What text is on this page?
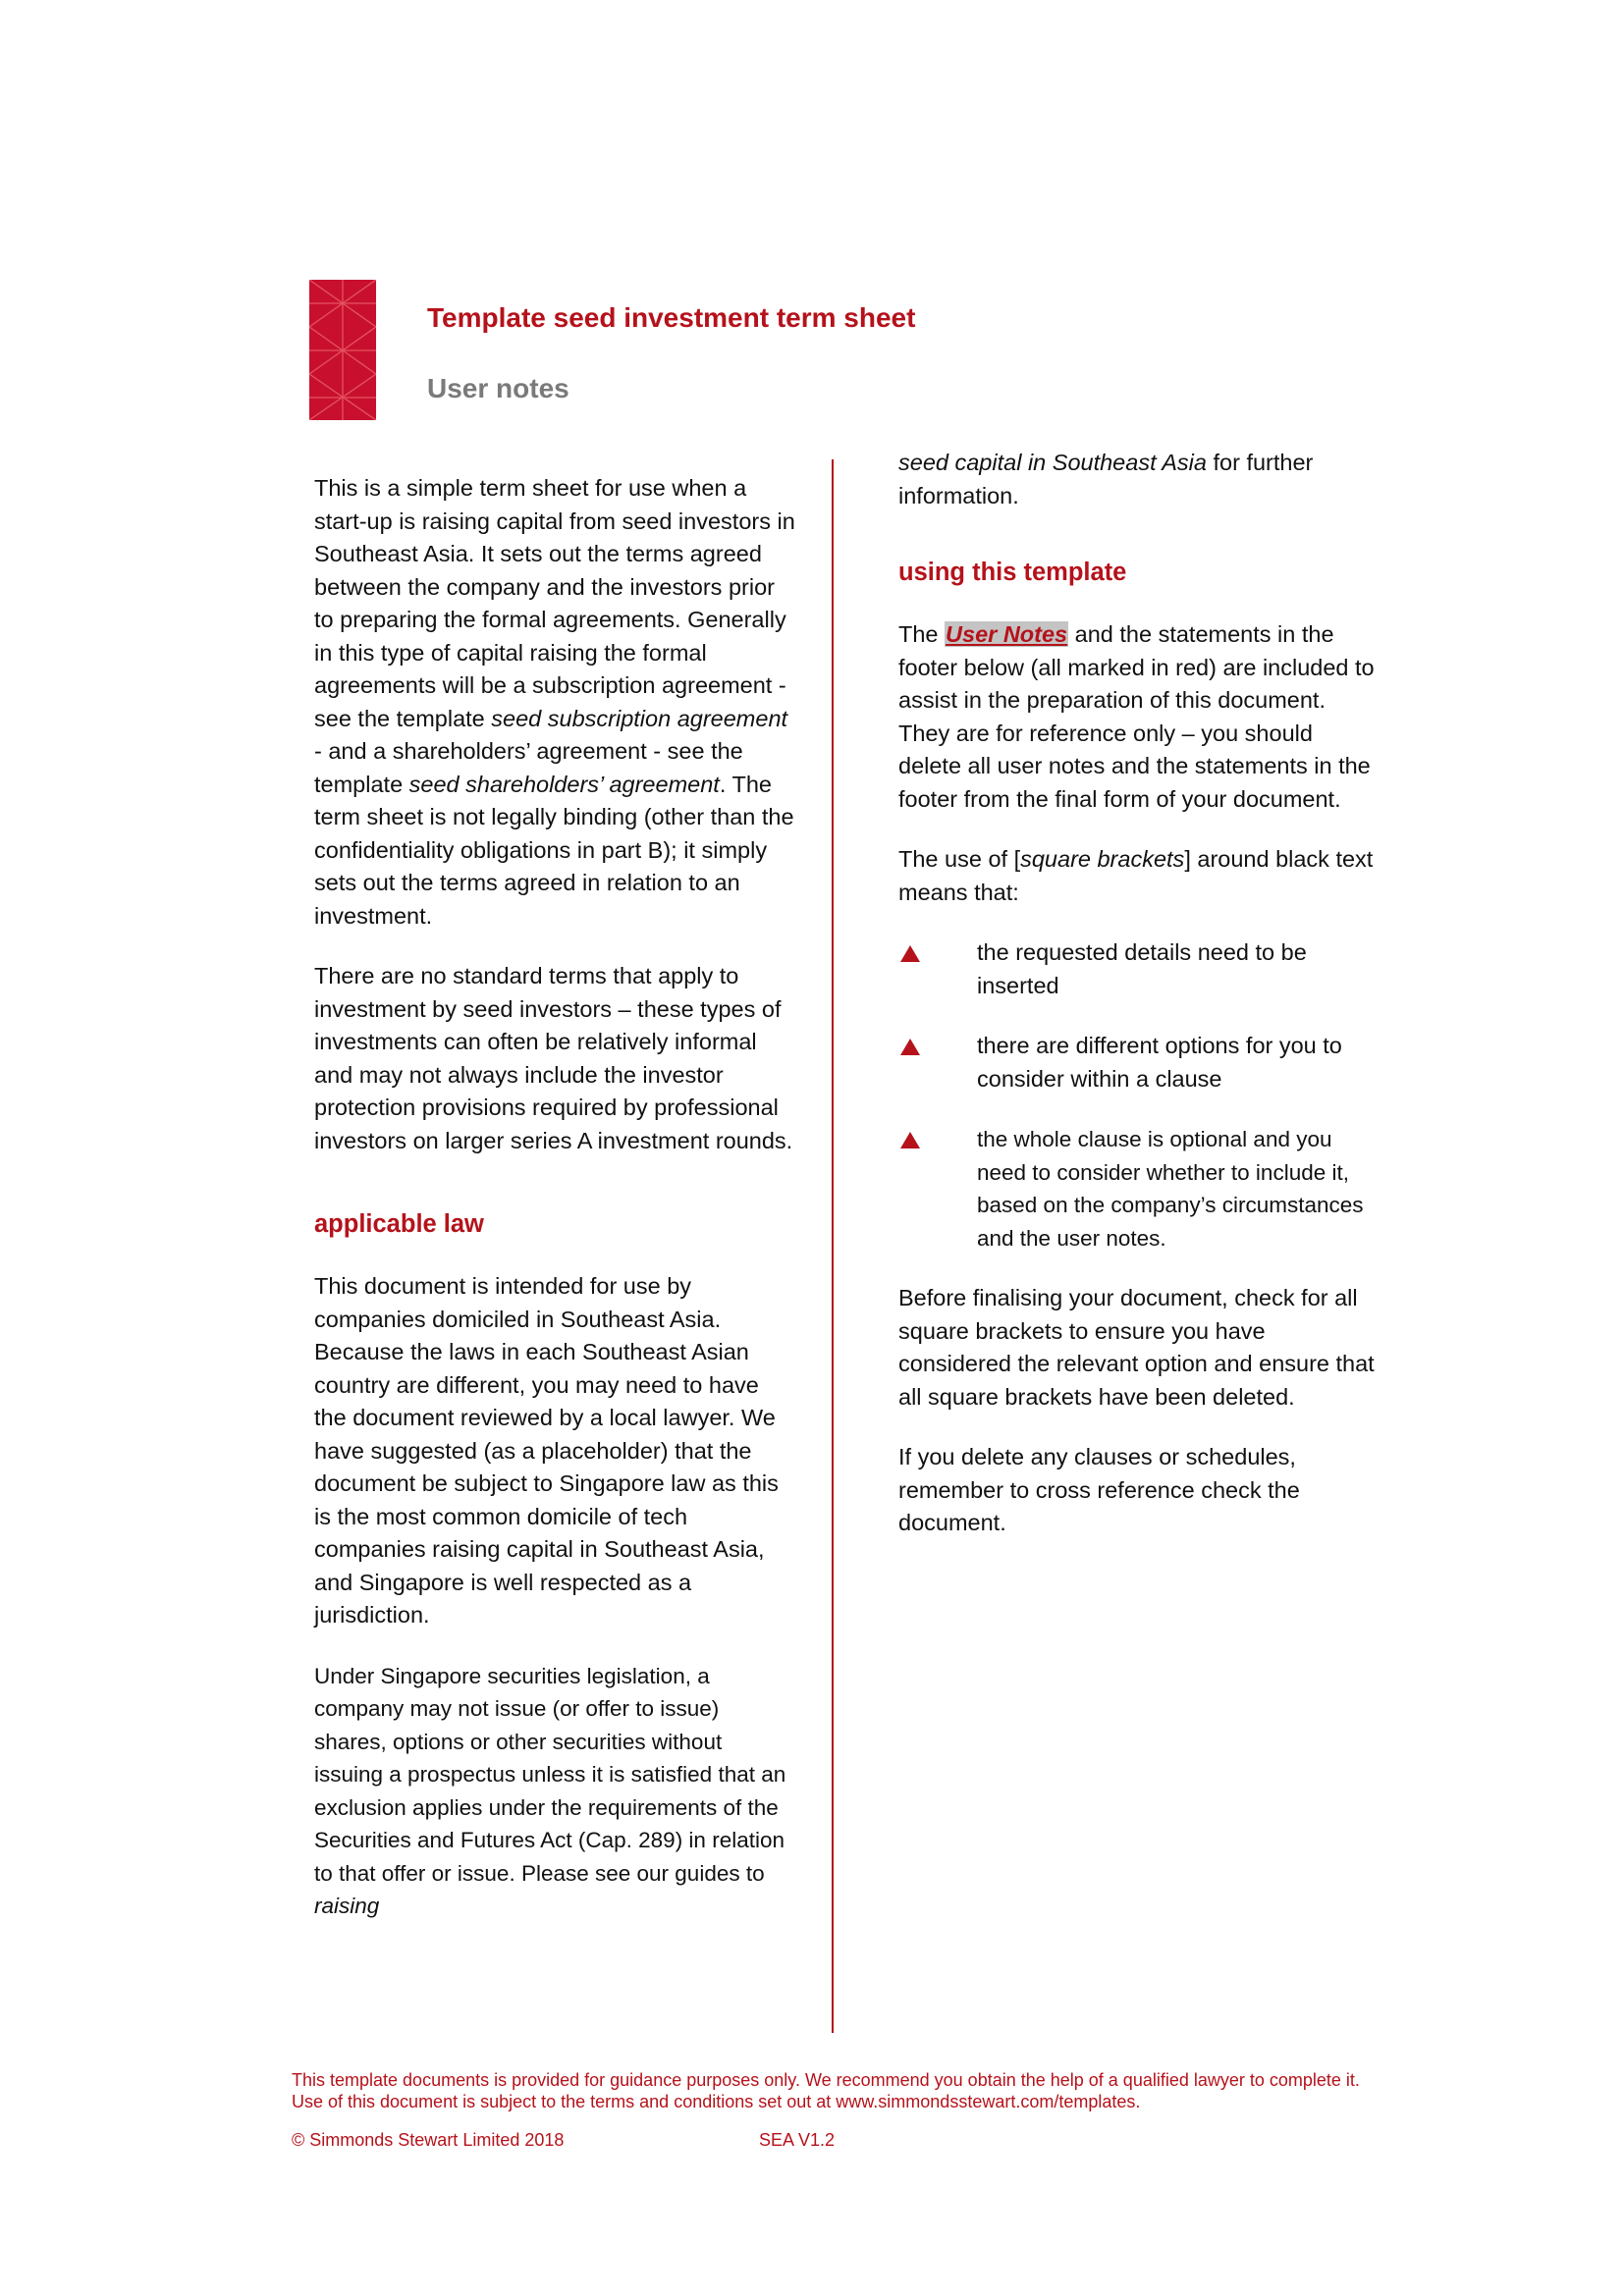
Template seed investment term sheet
User notes

This is a simple term sheet for use when a start-up is raising capital from seed investors in Southeast Asia. It sets out the terms agreed between the company and the investors prior to preparing the formal agreements. Generally in this type of capital raising the formal agreements will be a subscription agreement - see the template seed subscription agreement - and a shareholders’ agreement - see the template seed shareholders’ agreement. The term sheet is not legally binding (other than the confidentiality obligations in part B); it simply sets out the terms agreed in relation to an investment.

There are no standard terms that apply to investment by seed investors – these types of investments can often be relatively informal and may not always include the investor protection provisions required by professional investors on larger series A investment rounds.

applicable law

This document is intended for use by companies domiciled in Southeast Asia. Because the laws in each Southeast Asian country are different, you may need to have the document reviewed by a local lawyer. We have suggested (as a placeholder) that the document be subject to Singapore law as this is the most common domicile of tech companies raising capital in Southeast Asia, and Singapore is well respected as a jurisdiction.

Under Singapore securities legislation, a company may not issue (or offer to issue) shares, options or other securities without issuing a prospectus unless it is satisfied that an exclusion applies under the requirements of the Securities and Futures Act (Cap. 289) in relation to that offer or issue. Please see our guides to raising

seed capital in Southeast Asia for further information.

using this template

The User Notes and the statements in the footer below (all marked in red) are included to assist in the preparation of this document. They are for reference only – you should delete all user notes and the statements in the footer from the final form of your document.

The use of [square brackets] around black text means that:

the requested details need to be inserted
there are different options for you to consider within a clause
the whole clause is optional and you need to consider whether to include it, based on the company’s circumstances and the user notes.

Before finalising your document, check for all square brackets to ensure you have considered the relevant option and ensure that all square brackets have been deleted.

If you delete any clauses or schedules, remember to cross reference check the document.

This template documents is provided for guidance purposes only. We recommend you obtain the help of a qualified lawyer to complete it. Use of this document is subject to the terms and conditions set out at www.simmondsstewart.com/templates.

© Simmonds Stewart Limited 2018	SEA V1.2
